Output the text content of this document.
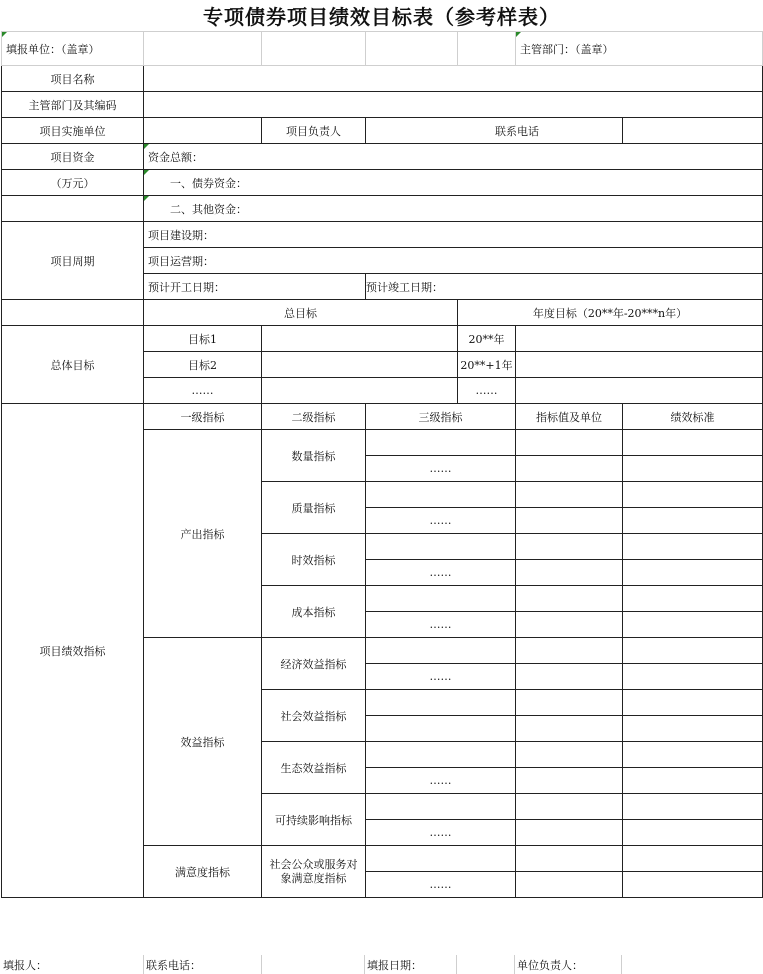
专项债券项目绩效目标表（参考样表）
填报单位：（盖章）					主管部门：（盖章）	
项目名称						
主管部门及其编码						
项目实施单位		项目负责人	联系电话			
项目资金	资金总额：					
（万元）	一、债券资金：					
	二、其他资金：					
项目周期	项目建设期：					
	项目运营期：					
	预计开工日期：		预计竣工日期：			
	总目标			年度目标（20**年-20***n年）		
总体目标	目标1			20**年		
	目标2			20**+1年		
	……			……		
项目绩效指标	一级指标	二级指标	三级指标		指标值及单位	绩效标准
	产出指标	数量指标				
			……			
		质量指标				
			……			
		时效指标				
			……			
		成本指标				
			……			
	效益指标	经济效益指标				
			……			
		社会效益指标				

		生态效益指标				
			……			
		可持续影响指标				
			……			
	满意度指标	社会公众或服务对象满意度指标				
			……			
填报人：	联系电话：	填报日期：	单位负责人：
